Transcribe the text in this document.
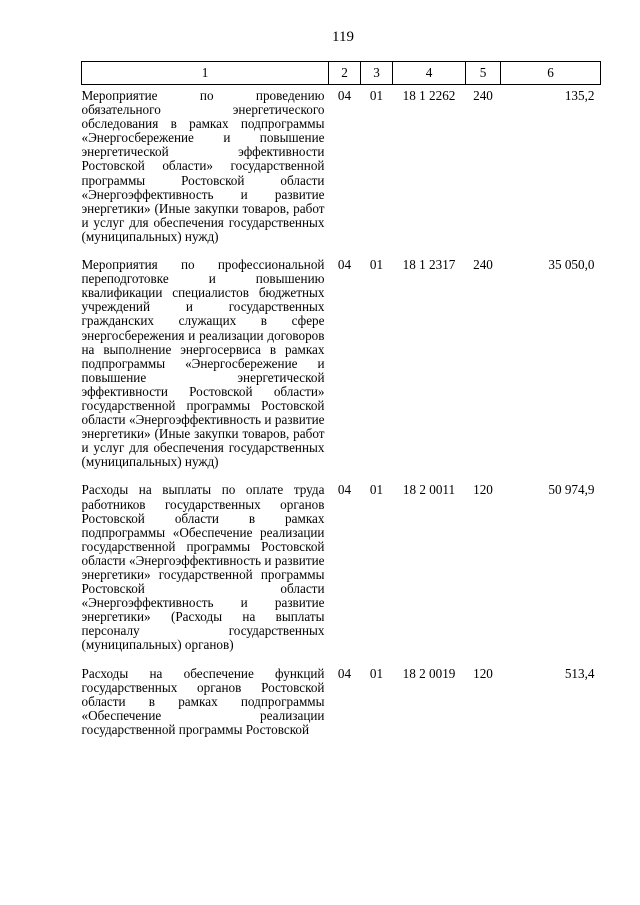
119
1	2	3	4	5	6
Мероприятие по проведению обязательного энергетического обследования в рамках подпрограммы «Энергосбережение и повышение энергетической эффективности Ростовской области» государственной программы Ростовской области «Энергоэффективность и развитие энергетики» (Иные закупки товаров, работ и услуг для обеспечения государственных (муниципальных) нужд)	04	01	18 1 2262	240	135,2
Мероприятия по профессиональной переподготовке и повышению квалификации специалистов бюджетных учреждений и государственных гражданских служащих в сфере энергосбережения и реализации договоров на выполнение энергосервиса в рамках подпрограммы «Энергосбережение и повышение энергетической эффективности Ростовской области» государственной программы Ростовской области «Энергоэффективность и развитие энергетики» (Иные закупки товаров, работ и услуг для обеспечения государственных (муниципальных) нужд)	04	01	18 1 2317	240	35 050,0
Расходы на выплаты по оплате труда работников государственных органов Ростовской области в рамках подпрограммы «Обеспечение реализации государственной программы Ростовской области «Энергоэффективность и развитие энергетики» государственной программы Ростовской области «Энергоэффективность и развитие энергетики» (Расходы на выплаты персоналу государственных (муниципальных) органов)	04	01	18 2 0011	120	50 974,9
Расходы на обеспечение функций государственных органов Ростовской области в рамках подпрограммы «Обеспечение реализации государственной программы Ростовской	04	01	18 2 0019	120	513,4
